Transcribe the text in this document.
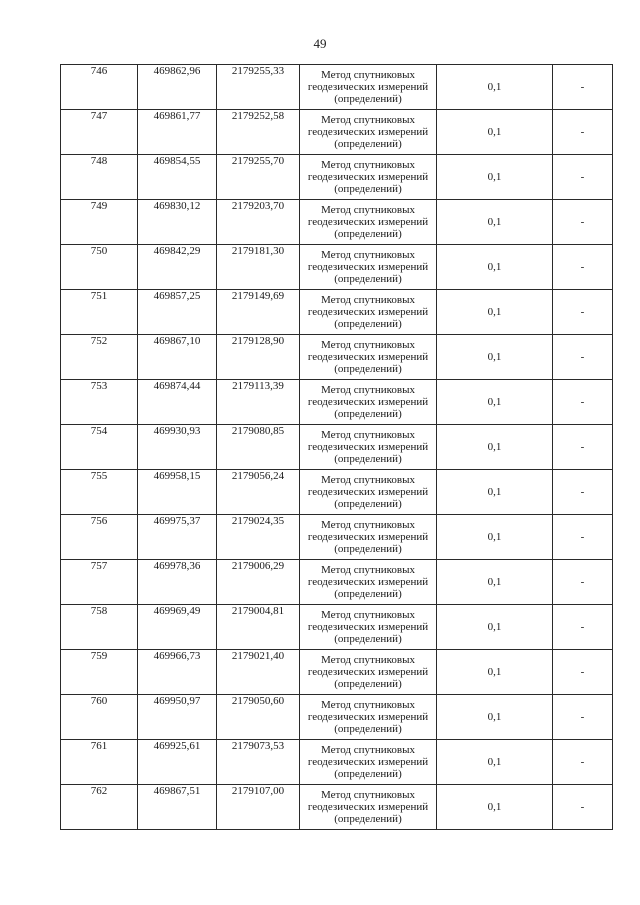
49
746	469862,96	2179255,33	Метод спутниковых
геодезических измерений
(определений)	0,1	-
747	469861,77	2179252,58	Метод спутниковых
геодезических измерений
(определений)	0,1	-
748	469854,55	2179255,70	Метод спутниковых
геодезических измерений
(определений)	0,1	-
749	469830,12	2179203,70	Метод спутниковых
геодезических измерений
(определений)	0,1	-
750	469842,29	2179181,30	Метод спутниковых
геодезических измерений
(определений)	0,1	-
751	469857,25	2179149,69	Метод спутниковых
геодезических измерений
(определений)	0,1	-
752	469867,10	2179128,90	Метод спутниковых
геодезических измерений
(определений)	0,1	-
753	469874,44	2179113,39	Метод спутниковых
геодезических измерений
(определений)	0,1	-
754	469930,93	2179080,85	Метод спутниковых
геодезических измерений
(определений)	0,1	-
755	469958,15	2179056,24	Метод спутниковых
геодезических измерений
(определений)	0,1	-
756	469975,37	2179024,35	Метод спутниковых
геодезических измерений
(определений)	0,1	-
757	469978,36	2179006,29	Метод спутниковых
геодезических измерений
(определений)	0,1	-
758	469969,49	2179004,81	Метод спутниковых
геодезических измерений
(определений)	0,1	-
759	469966,73	2179021,40	Метод спутниковых
геодезических измерений
(определений)	0,1	-
760	469950,97	2179050,60	Метод спутниковых
геодезических измерений
(определений)	0,1	-
761	469925,61	2179073,53	Метод спутниковых
геодезических измерений
(определений)	0,1	-
762	469867,51	2179107,00	Метод спутниковых
геодезических измерений
(определений)	0,1	-
